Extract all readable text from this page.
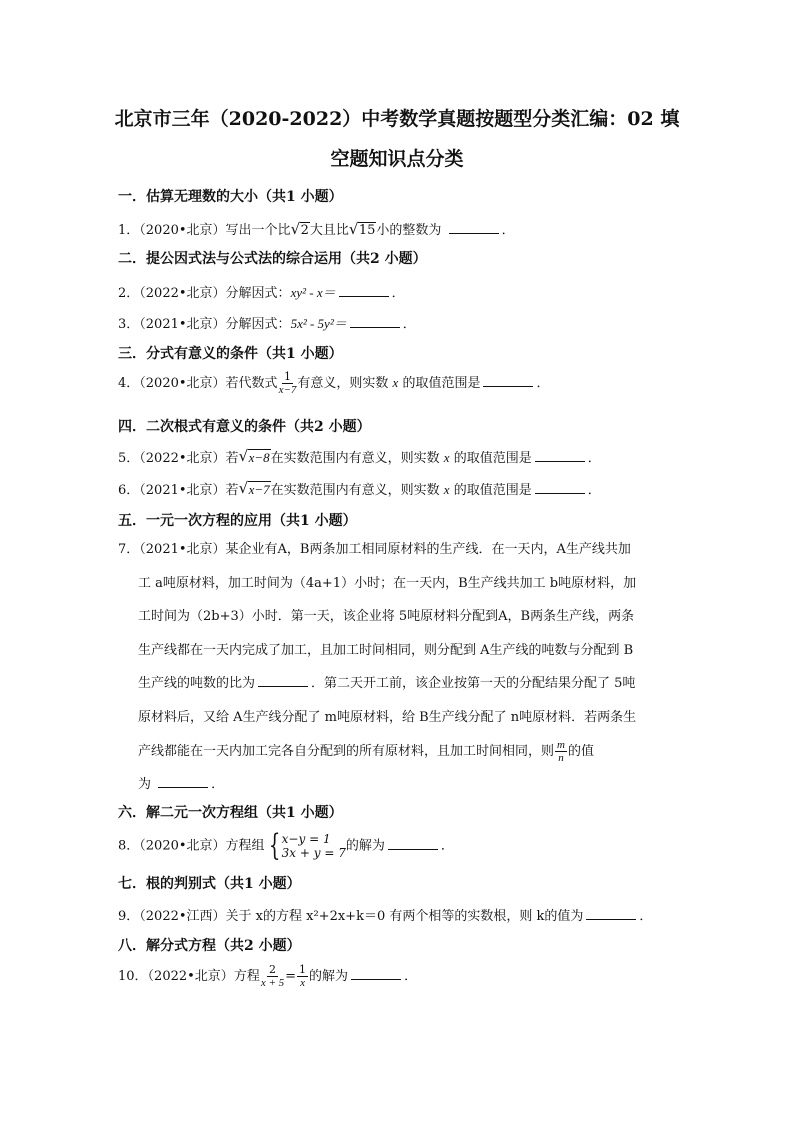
北京市三年（2020-2022）中考数学真题按题型分类汇编：02 填
空题知识点分类
一．估算无理数的大小（共1 小题）
1．（2020•北京）写出一个比 √ 2大且比 √ 15小的整数为	．
二．提公因式法与公式法的综合运用（共2 小题）
2．（2022•北京）分解因式：xy² - x＝	．
3．（2021•北京）分解因式：5x² - 5y²＝	．
三．分式有意义的条件（共1 小题）
4．（2020•北京）若代数式 $\frac{1}{x-7}$ 有意义，则实数 x 的取值范围是	．
四．二次根式有意义的条件（共2 小题）
5．（2022•北京）若 √ x−8在实数范围内有意义，则实数 x 的取值范围是	．
6．（2021•北京）若 √ x−7在实数范围内有意义，则实数 x 的取值范围是	．
五．一元一次方程的应用（共1 小题）
7．（2021•北京）某企业有A，B两条加工相同原材料的生产线．在一天内，A生产线共加
工 a吨原材料，加工时间为（4a+1）小时；在一天内，B生产线共加工 b吨原材料，加
工时间为（2b+3）小时．第一天，该企业将 5吨原材料分配到A，B两条生产线，两条
生产线都在一天内完成了加工，且加工时间相同，则分配到 A生产线的吨数与分配到 B
生产线的吨数的比为	．第二天开工前，该企业按第一天的分配结果分配了 5吨
原材料后，又给 A生产线分配了 m吨原材料，给 B生产线分配了 n吨原材料．若两条生
产线都能在一天内加工完各自分配到的所有原材料，且加工时间相同，则 $\frac{m}{n}$ 的值
为	．
六．解二元一次方程组（共1 小题）
8．（2020•北京）方程组 { x−y = 1
3x + y = 7 的解为	．
七．根的判别式（共1 小题）
9．（2022•江西）关于 x的方程 x²+2x+k＝0 有两个相等的实数根，则 k的值为	．
八．解分式方程（共2 小题）
10．（2022•北京）方程 $\frac{2}{x + 5} = \frac{1}{x}$ 的解为	．
